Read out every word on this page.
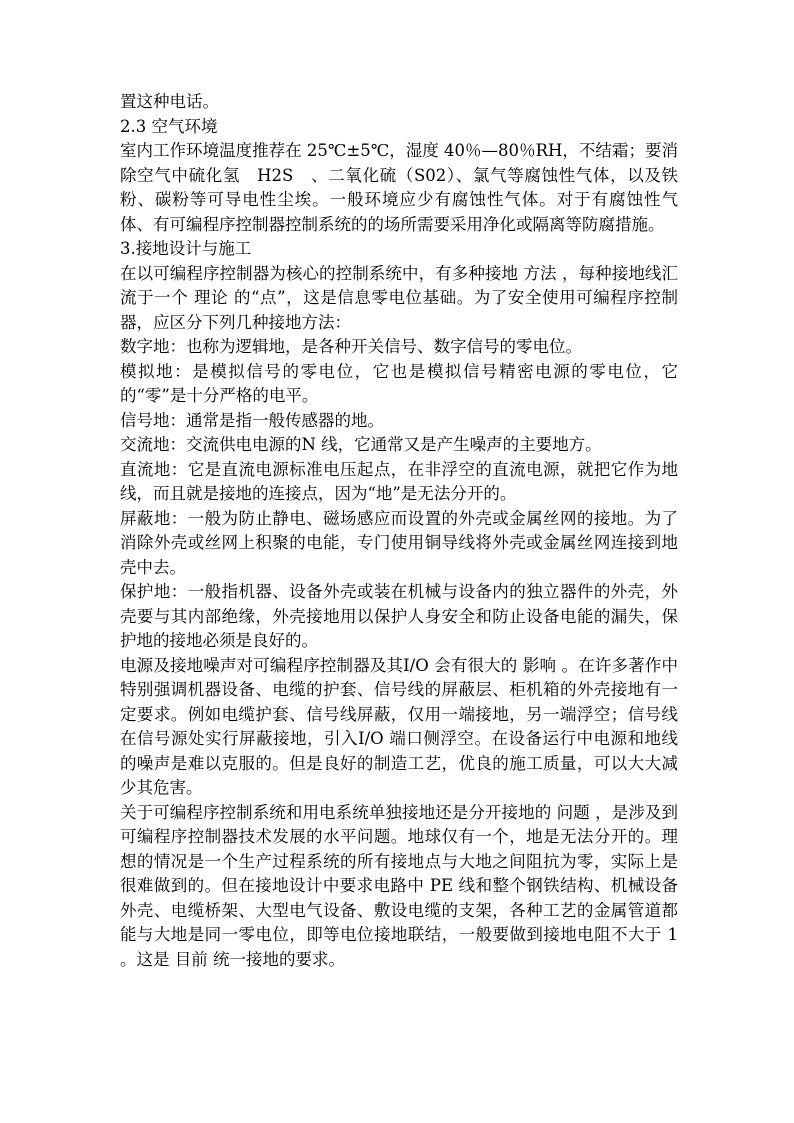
置这种电话。

2.3 空气环境

室内工作环境温度推荐在 25℃±5℃，湿度 40％—80％RH，不结霜；要消除空气中硫化氢　H2S　、二氧化硫（S02）、氯气等腐蚀性气体，以及铁粉、碳粉等可导电性尘埃。一般环境应少有腐蚀性气体。对于有腐蚀性气体、有可编程序控制器控制系统的的场所需要采用净化或隔离等防腐措施。

3.接地设计与施工

在以可编程序控制器为核心的控制系统中，有多种接地 方法 ，每种接地线汇流于一个 理论 的“点”，这是信息零电位基础。为了安全使用可编程序控制器，应区分下列几种接地方法：

数字地：也称为逻辑地，是各种开关信号、数字信号的零电位。

模拟地：是模拟信号的零电位，它也是模拟信号精密电源的零电位，它的“零”是十分严格的电平。

信号地：通常是指一般传感器的地。

交流地：交流供电电源的N 线，它通常又是产生噪声的主要地方。

直流地：它是直流电源标准电压起点，在非浮空的直流电源，就把它作为地线，而且就是接地的连接点，因为“地”是无法分开的。

屏蔽地：一般为防止静电、磁场感应而设置的外壳或金属丝网的接地。为了消除外壳或丝网上积聚的电能，专门使用铜导线将外壳或金属丝网连接到地壳中去。

保护地：一般指机器、设备外壳或装在机械与设备内的独立器件的外壳，外壳要与其内部绝缘，外壳接地用以保护人身安全和防止设备电能的漏失，保护地的接地必须是良好的。

电源及接地噪声对可编程序控制器及其I/O 会有很大的 影响 。在许多著作中特别强调机器设备、电缆的护套、信号线的屏蔽层、柜机箱的外壳接地有一定要求。例如电缆护套、信号线屏蔽，仅用一端接地，另一端浮空；信号线在信号源处实行屏蔽接地，引入I/O 端口侧浮空。在设备运行中电源和地线的噪声是难以克服的。但是良好的制造工艺，优良的施工质量，可以大大减少其危害。

关于可编程序控制系统和用电系统单独接地还是分开接地的 问题 ，是涉及到可编程序控制器技术发展的水平问题。地球仅有一个，地是无法分开的。理想的情况是一个生产过程系统的所有接地点与大地之间阻抗为零，实际上是很难做到的。但在接地设计中要求电路中 PE 线和整个钢铁结构、机械设备外壳、电缆桥架、大型电气设备、敷设电缆的支架，各种工艺的金属管道都能与大地是同一零电位，即等电位接地联结，一般要做到接地电阻不大于 1 。这是 目前 统一接地的要求。
